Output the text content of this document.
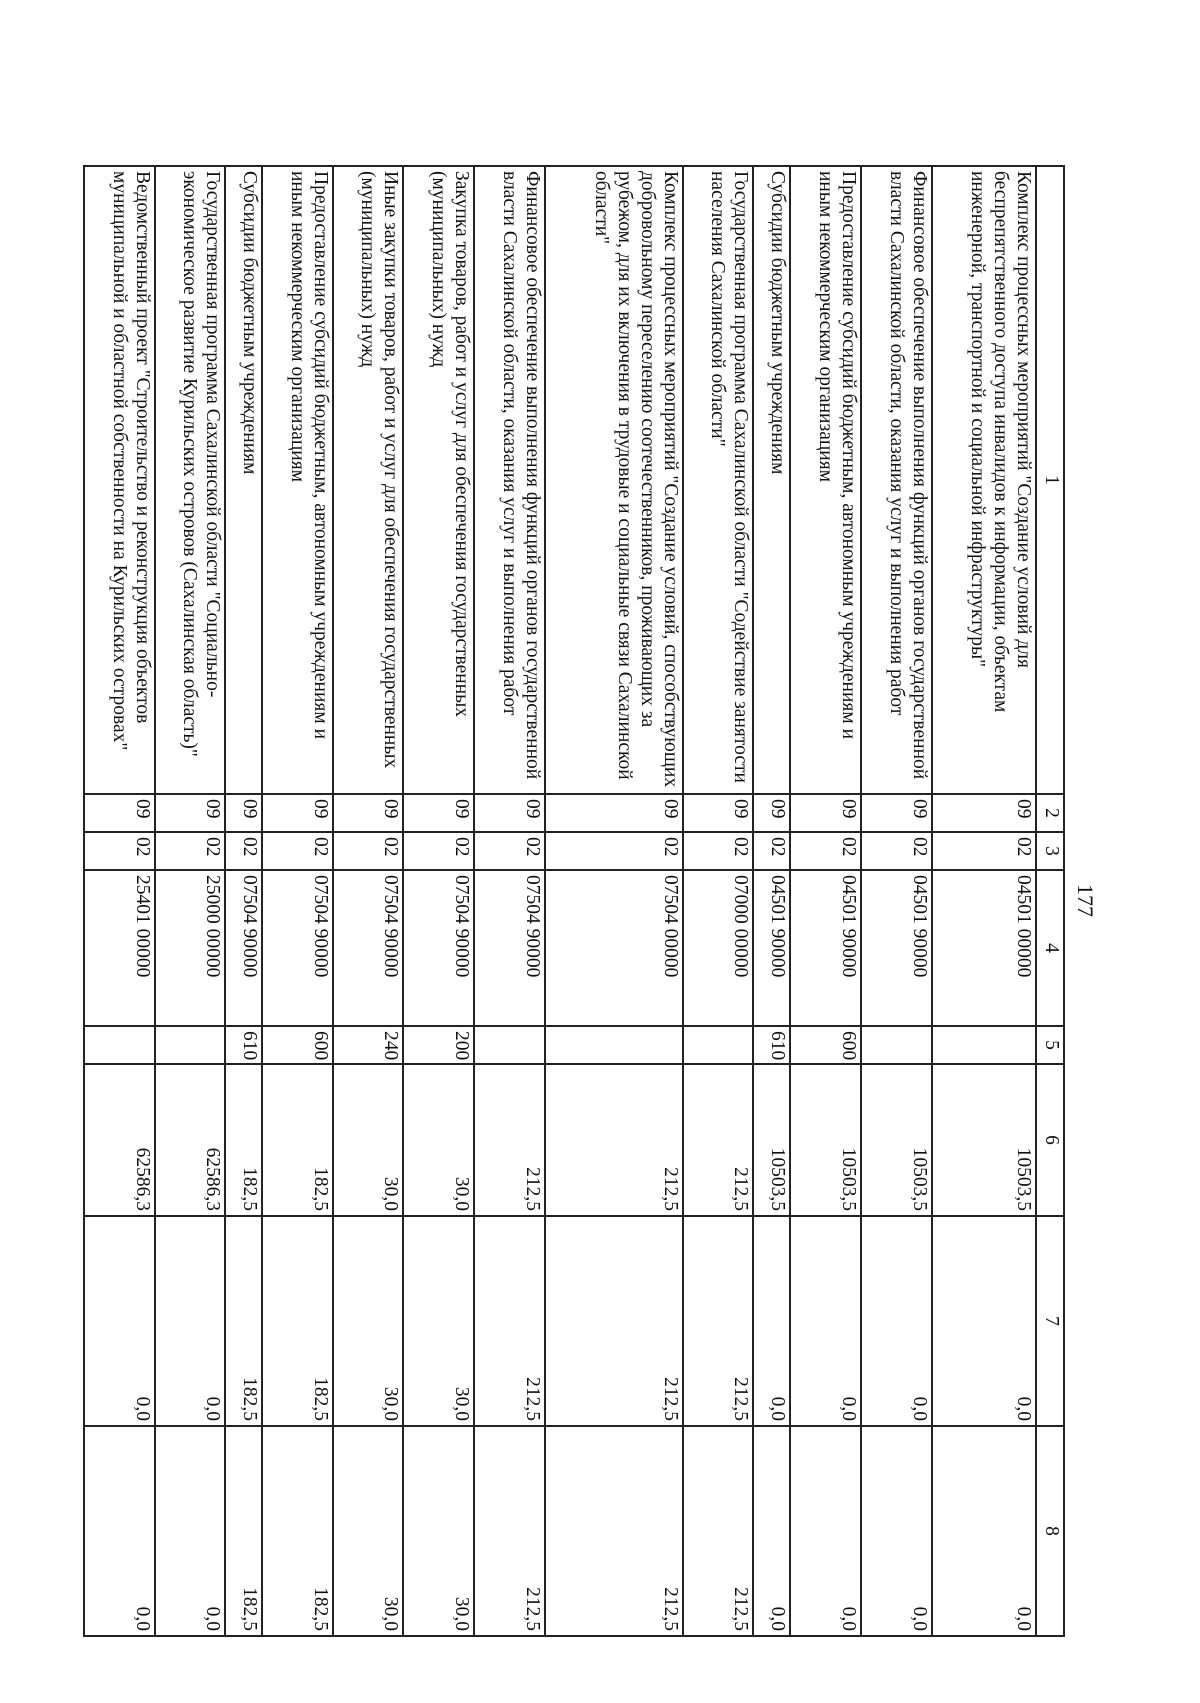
177
1	2	3	4	5	6	7	8
Комплекс процессных мероприятий "Создание условий для беспрепятственного доступа инвалидов к информации, объектам инженерной, транспортной и социальной инфраструктуры"	09	02	04501 00000		10503,5	0,0	0,0
Финансовое обеспечение выполнения функций органов государственной власти Сахалинской области, оказания услуг и выполнения работ	09	02	04501 90000		10503,5	0,0	0,0
Предоставление субсидий бюджетным, автономным учреждениям и иным некоммерческим организациям	09	02	04501 90000	600	10503,5	0,0	0,0
Субсидии бюджетным учреждениям	09	02	04501 90000	610	10503,5	0,0	0,0
Государственная программа Сахалинской области "Содействие занятости населения Сахалинской области"	09	02	07000 00000		212,5	212,5	212,5
Комплекс процессных мероприятий "Создание условий, способствующих добровольному переселению соотечественников, проживающих за рубежом, для их включения в трудовые и социальные связи Сахалинской области"	09	02	07504 00000		212,5	212,5	212,5
Финансовое обеспечение выполнения функций органов государственной власти Сахалинской области, оказания услуг и выполнения работ	09	02	07504 90000		212,5	212,5	212,5
Закупка товаров, работ и услуг для обеспечения государственных (муниципальных) нужд	09	02	07504 90000	200	30,0	30,0	30,0
Иные закупки товаров, работ и услуг для обеспечения государственных (муниципальных) нужд	09	02	07504 90000	240	30,0	30,0	30,0
Предоставление субсидий бюджетным, автономным учреждениям и иным некоммерческим организациям	09	02	07504 90000	600	182,5	182,5	182,5
Субсидии бюджетным учреждениям	09	02	07504 90000	610	182,5	182,5	182,5
Государственная программа Сахалинской области "Социально-экономическое развитие Курильских островов (Сахалинская область)"	09	02	25000 00000		62586,3	0,0	0,0
Ведомственный проект "Строительство и реконструкция объектов муниципальной и областной собственности на Курильских островах"	09	02	25401 00000		62586,3	0,0	0,0
